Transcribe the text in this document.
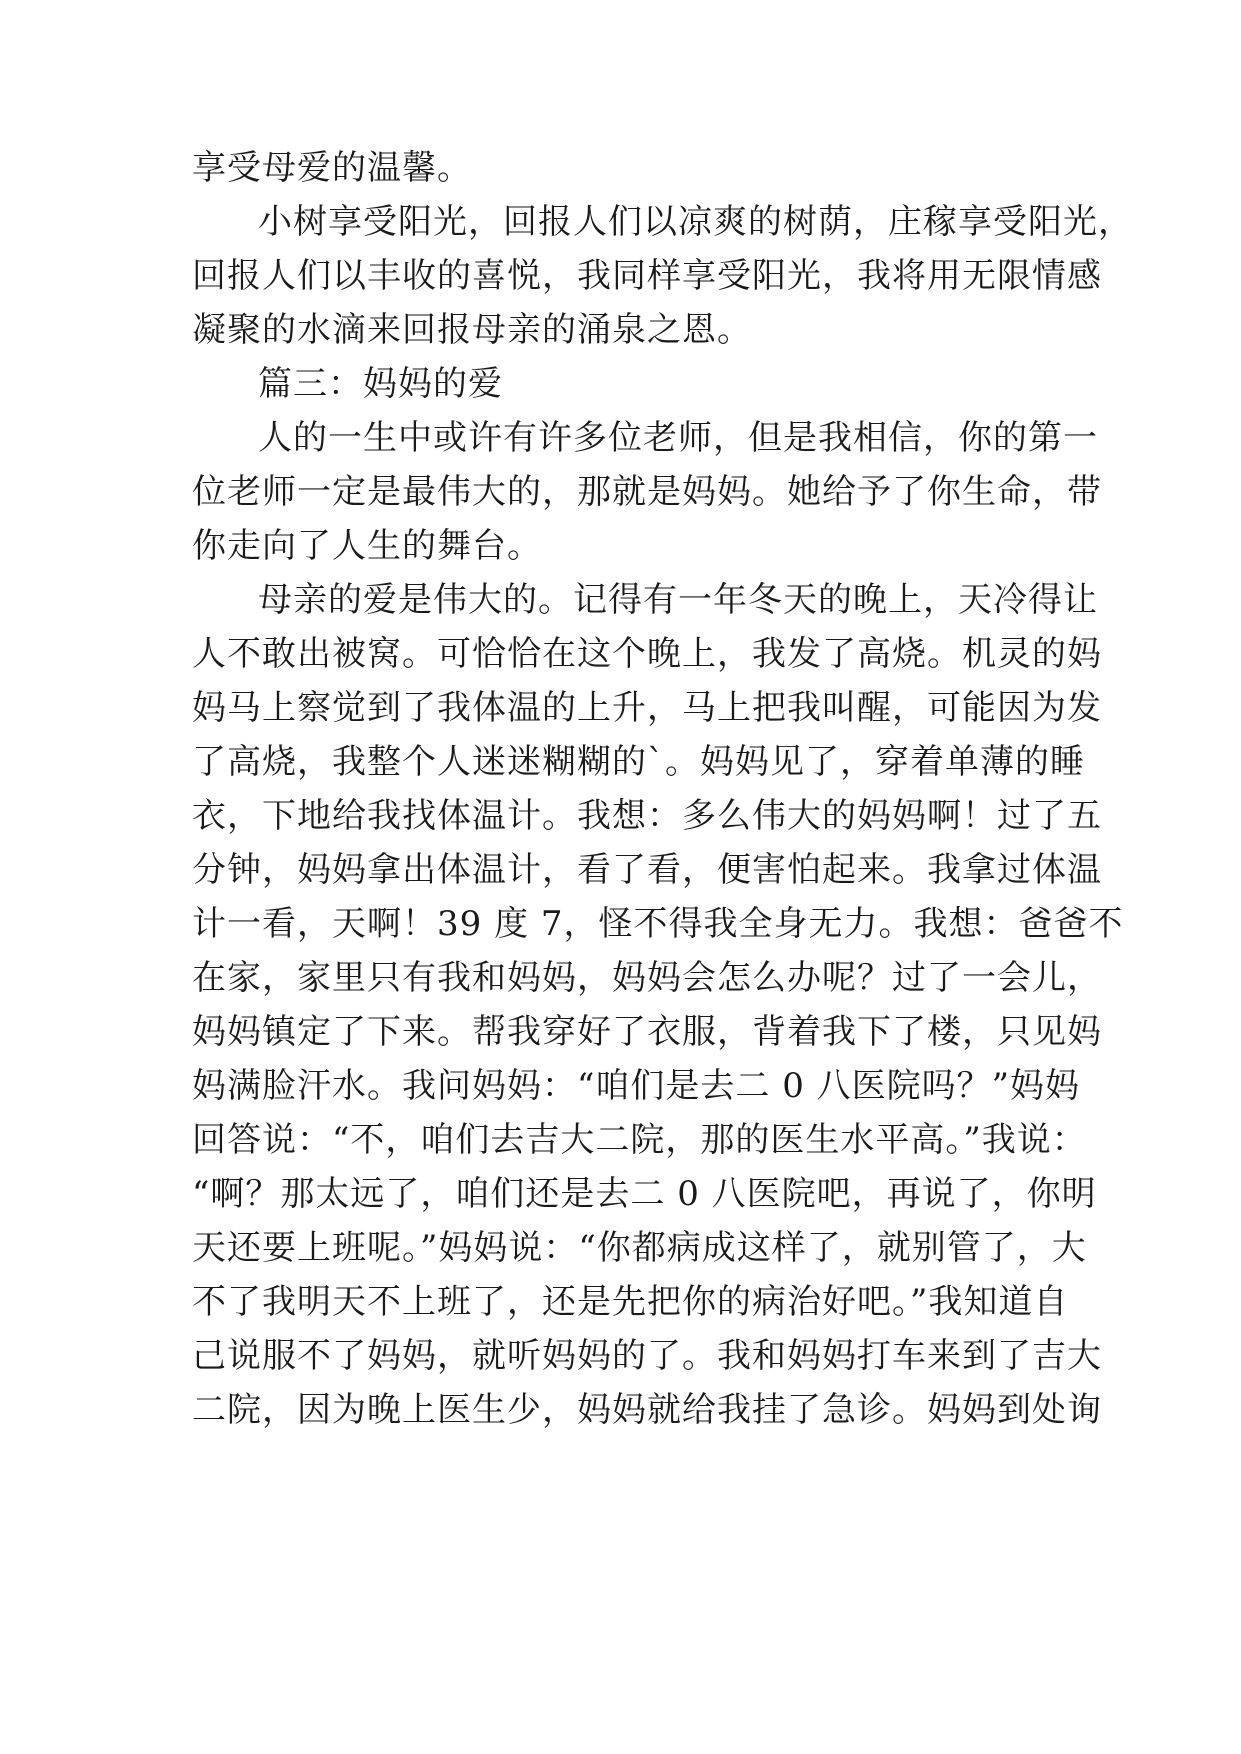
享受母爱的温馨。
小树享受阳光，回报人们以凉爽的树荫，庄稼享受阳光，
回报人们以丰收的喜悦，我同样享受阳光，我将用无限情感
凝聚的水滴来回报母亲的涌泉之恩。
篇三：妈妈的爱
人的一生中或许有许多位老师，但是我相信，你的第一
位老师一定是最伟大的，那就是妈妈。她给予了你生命，带
你走向了人生的舞台。
母亲的爱是伟大的。记得有一年冬天的晚上，天冷得让
人不敢出被窝。可恰恰在这个晚上，我发了高烧。机灵的妈
妈马上察觉到了我体温的上升，马上把我叫醒，可能因为发
了高烧，我整个人迷迷糊糊的`。妈妈见了，穿着单薄的睡
衣，下地给我找体温计。我想：多么伟大的妈妈啊！过了五
分钟，妈妈拿出体温计，看了看，便害怕起来。我拿过体温
计一看，天啊！39 度 7，怪不得我全身无力。我想：爸爸不
在家，家里只有我和妈妈，妈妈会怎么办呢？过了一会儿，
妈妈镇定了下来。帮我穿好了衣服，背着我下了楼，只见妈
妈满脸汗水。我问妈妈：“咱们是去二 0 八医院吗？”妈妈
回答说：“不，咱们去吉大二院，那的医生水平高。”我说：
“啊？那太远了，咱们还是去二 0 八医院吧，再说了，你明
天还要上班呢。”妈妈说：“你都病成这样了，就别管了，大
不了我明天不上班了，还是先把你的病治好吧。”我知道自
己说服不了妈妈，就听妈妈的了。我和妈妈打车来到了吉大
二院，因为晚上医生少，妈妈就给我挂了急诊。妈妈到处询
